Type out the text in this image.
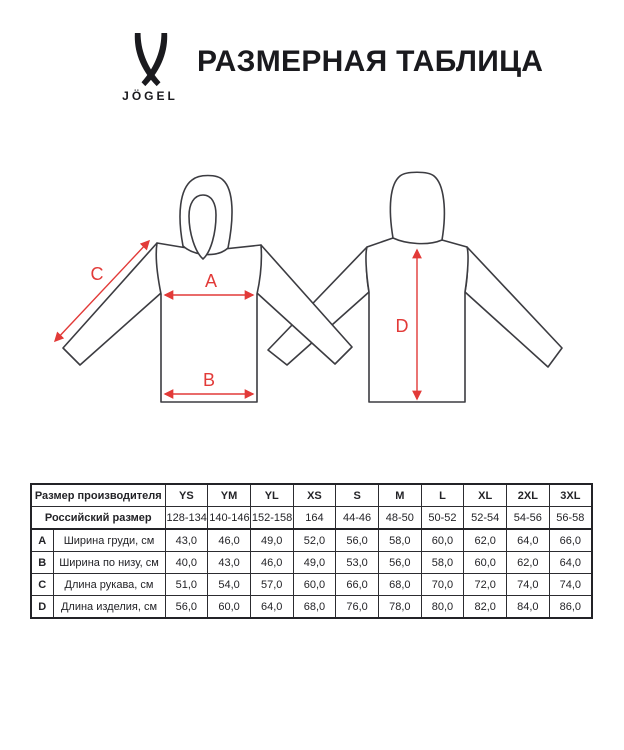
JÖGEL
РАЗМЕРНАЯ ТАБЛИЦА
A
B
C
D
Размер производителя		YS	YM	YL	XS	S	M	L	XL	2XL	3XL
Российский размер		128-134	140-146	152-158	164	44-46	48-50	50-52	52-54	54-56	56-58
A	Ширина груди, см	43,0	46,0	49,0	52,0	56,0	58,0	60,0	62,0	64,0	66,0
B	Ширина по низу, см	40,0	43,0	46,0	49,0	53,0	56,0	58,0	60,0	62,0	64,0
C	Длина рукава, см	51,0	54,0	57,0	60,0	66,0	68,0	70,0	72,0	74,0	74,0
D	Длина изделия, см	56,0	60,0	64,0	68,0	76,0	78,0	80,0	82,0	84,0	86,0
